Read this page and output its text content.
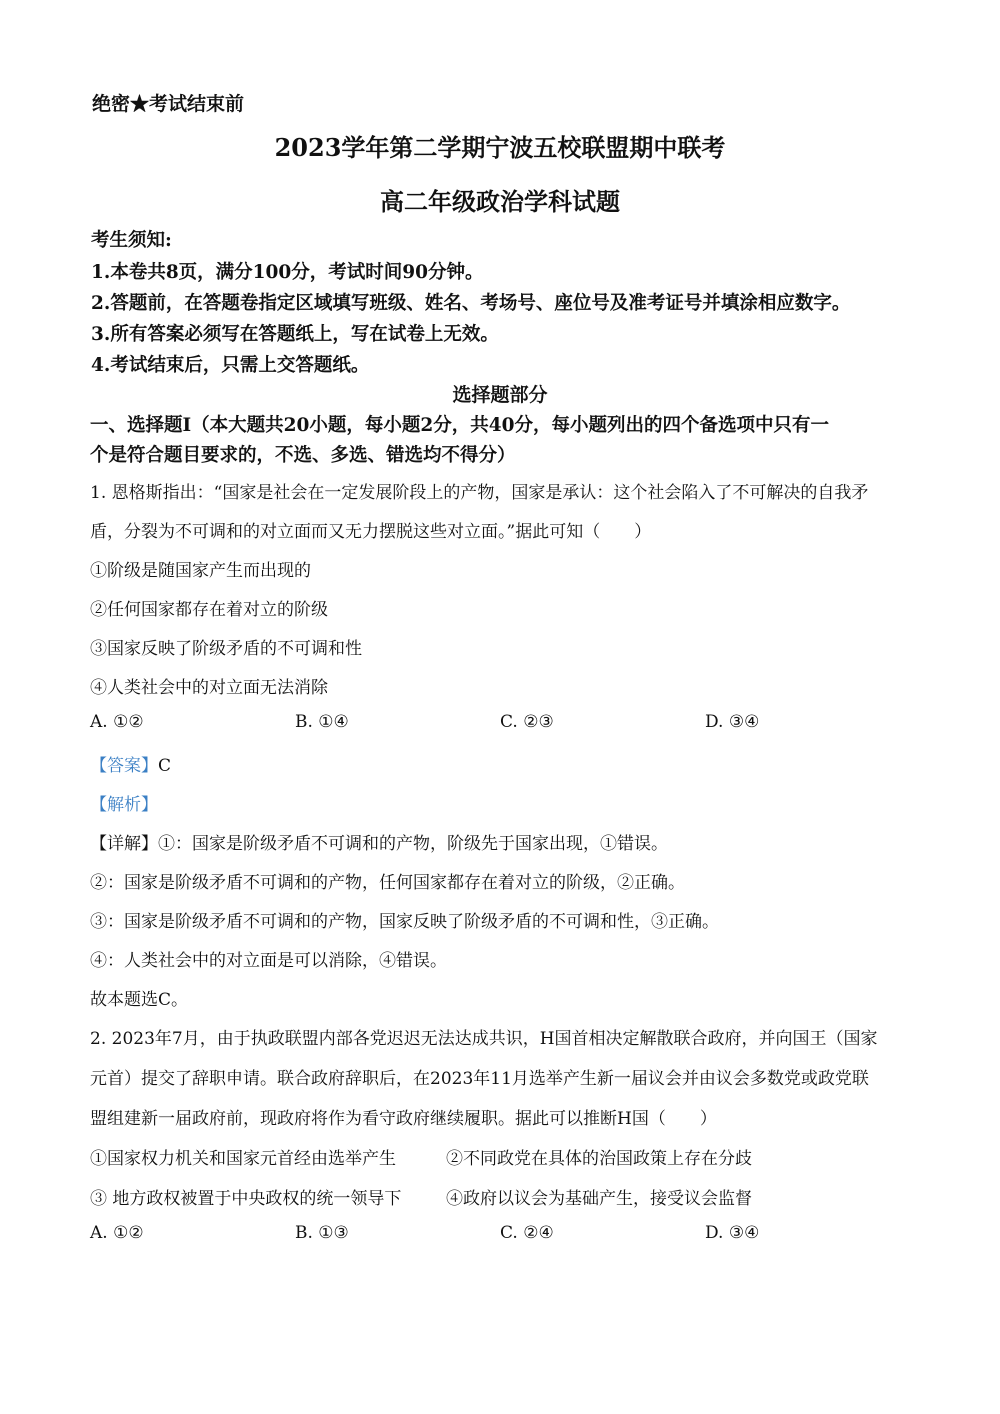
绝密★考试结束前
2023学年第二学期宁波五校联盟期中联考
高二年级政治学科试题
考生须知:
1.本卷共8页，满分100分，考试时间90分钟。
2.答题前，在答题卷指定区域填写班级、姓名、考场号、座位号及准考证号并填涂相应数字。
3.所有答案必须写在答题纸上，写在试卷上无效。
4.考试结束后，只需上交答题纸。
选择题部分
一、选择题Ⅰ（本大题共20小题，每小题2分，共40分，每小题列出的四个备选项中只有一
个是符合题目要求的，不选、多选、错选均不得分）
1. 恩格斯指出：“国家是社会在一定发展阶段上的产物，国家是承认：这个社会陷入了不可解决的自我矛
盾，分裂为不可调和的对立面而又无力摆脱这些对立面。”据此可知（　　）
①阶级是随国家产生而出现的
②任何国家都存在着对立的阶级
③国家反映了阶级矛盾的不可调和性
④人类社会中的对立面无法消除
A. ①②	B. ①④	C. ②③	D. ③④
【答案】C
【解析】
【详解】①：国家是阶级矛盾不可调和的产物，阶级先于国家出现，①错误。
②：国家是阶级矛盾不可调和的产物，任何国家都存在着对立的阶级，②正确。
③：国家是阶级矛盾不可调和的产物，国家反映了阶级矛盾的不可调和性，③正确。
④：人类社会中的对立面是可以消除，④错误。
故本题选C。
2. 2023年7月，由于执政联盟内部各党迟迟无法达成共识，H国首相决定解散联合政府，并向国王（国家
元首）提交了辞职申请。联合政府辞职后，在2023年11月选举产生新一届议会并由议会多数党或政党联
盟组建新一届政府前，现政府将作为看守政府继续履职。据此可以推断H国（　　）
①国家权力机关和国家元首经由选举产生	②不同政党在具体的治国政策上存在分歧
③ 地方政权被置于中央政权的统一领导下	④政府以议会为基础产生，接受议会监督
A. ①②	B. ①③	C. ②④	D. ③④
